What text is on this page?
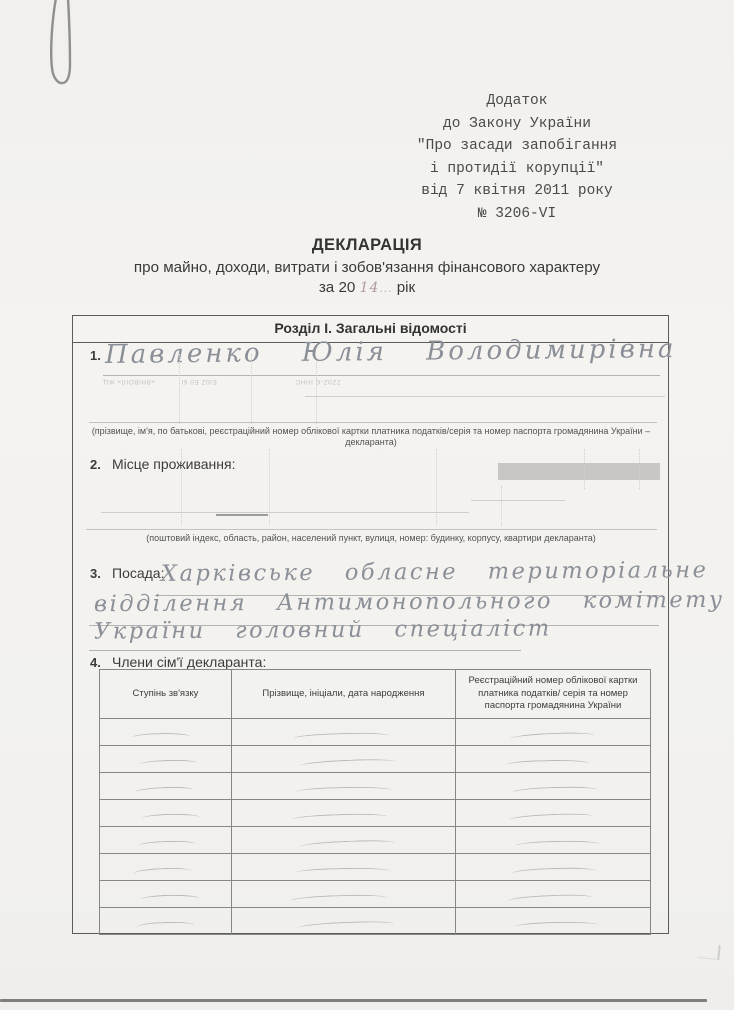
Додаток
до Закону України
"Про засади запобігання
і протидії корупції"
від 7 квітня 2011 року
№ 3206-VI
ДЕКЛАРАЦІЯ
про майно, доходи, витрати і зобов'язання фінансового характеру
за 20 14... рік
Розділ І. Загальні відомості
1. Павленко Юлія Володимирівна
«ВНІВОІЛ» ЖЦ	ЕІ0Z Е0 6І	ZZ0Z-Є ІННС
(прізвище, ім'я, по батькові, реєстраційний номер облікової картки платника податків/серія та номер паспорта громадянина України – декларанта)
2. Місце проживання:
(поштовий індекс, область, район, населений пункт, вулиця, номер: будинку, корпусу, квартири декларанта)
3. Посада:
Харківське обласне територіальне
відділення Антимонопольного комітету
України головний спеціаліст
4. Члени сім'ї декларанта:
Ступінь зв'язку	Прізвище, ініціали, дата народження	Реєстраційний номер облікової картки платника податків/ серія та номер паспорта громадянина України
